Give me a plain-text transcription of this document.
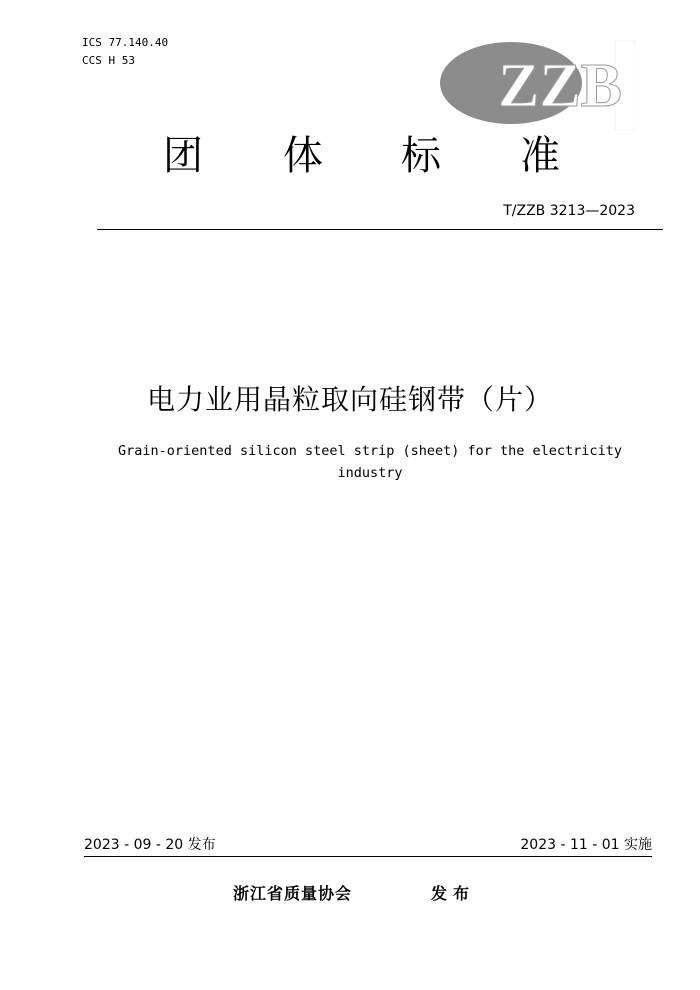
ICS 77.140.40
CCS H 53	ZZB
团 体 标 准
T/ZZB 3213—2023
电力业用晶粒取向硅钢带（片）
Grain-oriented silicon steel strip (sheet) for the electricity industry
2023 - 09 - 20 发布	2023 - 11 - 01 实施
浙江省质量协会	发布
